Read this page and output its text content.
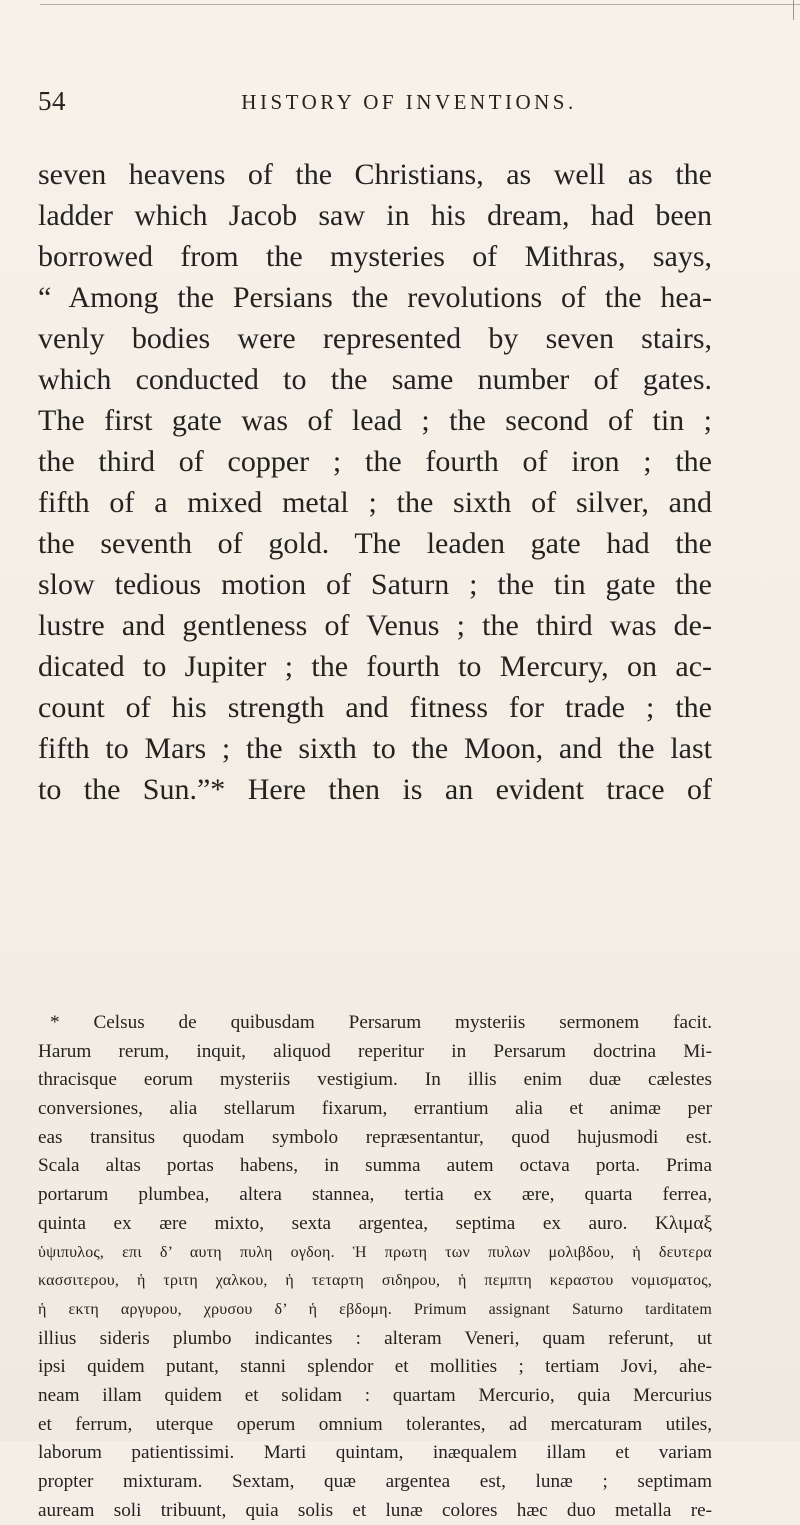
54	HISTORY OF INVENTIONS.
seven heavens of the Christians, as well as the
ladder which Jacob saw in his dream, had been
borrowed from the mysteries of Mithras, says,
“ Among the Persians the revolutions of the hea-
venly bodies were represented by seven stairs,
which conducted to the same number of gates.
The first gate was of lead ; the second of tin ;
the third of copper ; the fourth of iron ; the
fifth of a mixed metal ; the sixth of silver, and
the seventh of gold. The leaden gate had the
slow tedious motion of Saturn ; the tin gate the
lustre and gentleness of Venus ; the third was de-
dicated to Jupiter ; the fourth to Mercury, on ac-
count of his strength and fitness for trade ; the
fifth to Mars ; the sixth to the Moon, and the last
to the Sun.”* Here then is an evident trace of
* Celsus de quibusdam Persarum mysteriis sermonem facit.
Harum rerum, inquit, aliquod reperitur in Persarum doctrina Mi-
thracisque eorum mysteriis vestigium. In illis enim duæ cælestes
conversiones, alia stellarum fixarum, errantium alia et animæ per
eas transitus quodam symbolo repræsentantur, quod hujusmodi est.
Scala altas portas habens, in summa autem octava porta. Prima
portarum plumbea, altera stannea, tertia ex ære, quarta ferrea,
quinta ex ære mixto, sexta argentea, septima ex auro. Κλιμαξ
ὑψιπυλος, επι δ’ αυτη πυλη ογδοη. Ἡ πρωτη των πυλων μολιβδου, ἡ δευτερα
κασσιτερου, ἡ τριτη χαλκου, ἡ τεταρτη σιδηρου, ἡ πεμπτη κεραστου νομισματος,
ἡ εκτη αργυρου, χρυσου δ’ ἡ εβδομη. Primum assignant Saturno tarditatem
illius sideris plumbo indicantes : alteram Veneri, quam referunt, ut
ipsi quidem putant, stanni splendor et mollities ; tertiam Jovi, ahe-
neam illam quidem et solidam : quartam Mercurio, quia Mercurius
et ferrum, uterque operum omnium tolerantes, ad mercaturam utiles,
laborum patientissimi. Marti quintam, inæqualem illam et variam
propter mixturam. Sextam, quæ argentea est, lunæ ; septimam
auream soli tribuunt, quia solis et lunæ colores hæc duo metalla re-
